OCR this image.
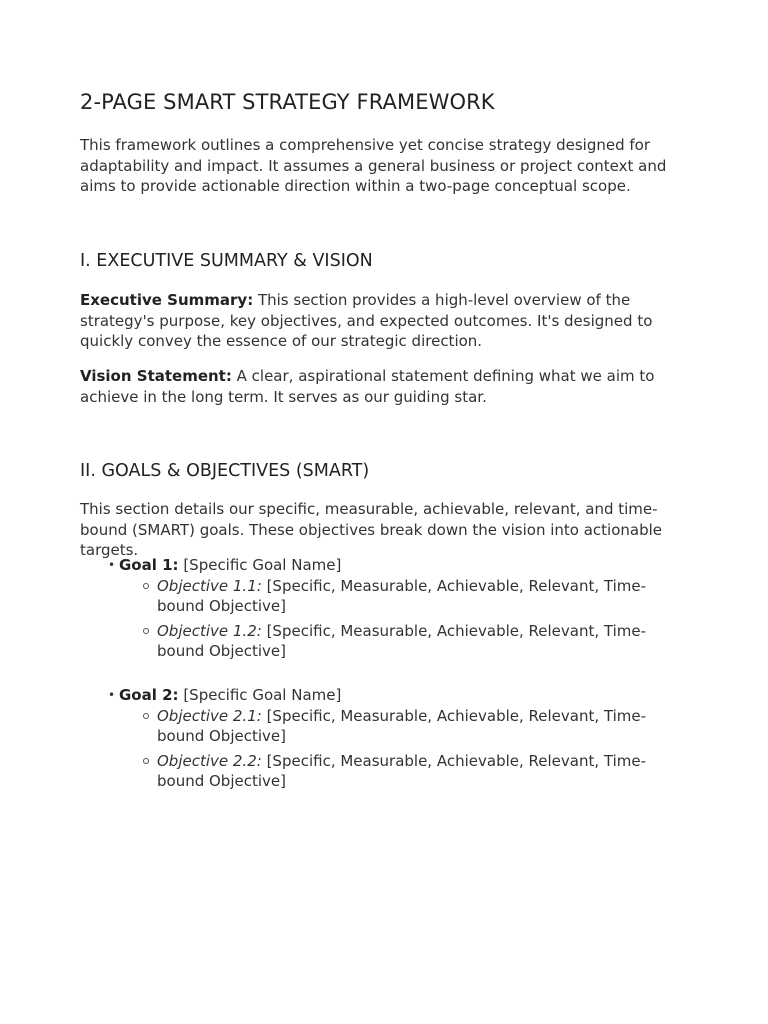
2-PAGE SMART STRATEGY FRAMEWORK

This framework outlines a comprehensive yet concise strategy designed for adaptability and impact. It assumes a general business or project context and aims to provide actionable direction within a two-page conceptual scope.

I. EXECUTIVE SUMMARY & VISION

Executive Summary: This section provides a high-level overview of the strategy's purpose, key objectives, and expected outcomes. It's designed to quickly convey the essence of our strategic direction.

Vision Statement: A clear, aspirational statement defining what we aim to achieve in the long term. It serves as our guiding star.

II. GOALS & OBJECTIVES (SMART)

This section details our specific, measurable, achievable, relevant, and time-bound (SMART) goals. These objectives break down the vision into actionable targets.

• Goal 1: [Specific Goal Name]
Objective 1.1: [Specific, Measurable, Achievable, Relevant, Time-bound Objective]
Objective 1.2: [Specific, Measurable, Achievable, Relevant, Time-bound Objective]
• Goal 2: [Specific Goal Name]
Objective 2.1: [Specific, Measurable, Achievable, Relevant, Time-bound Objective]
Objective 2.2: [Specific, Measurable, Achievable, Relevant, Time-bound Objective]
